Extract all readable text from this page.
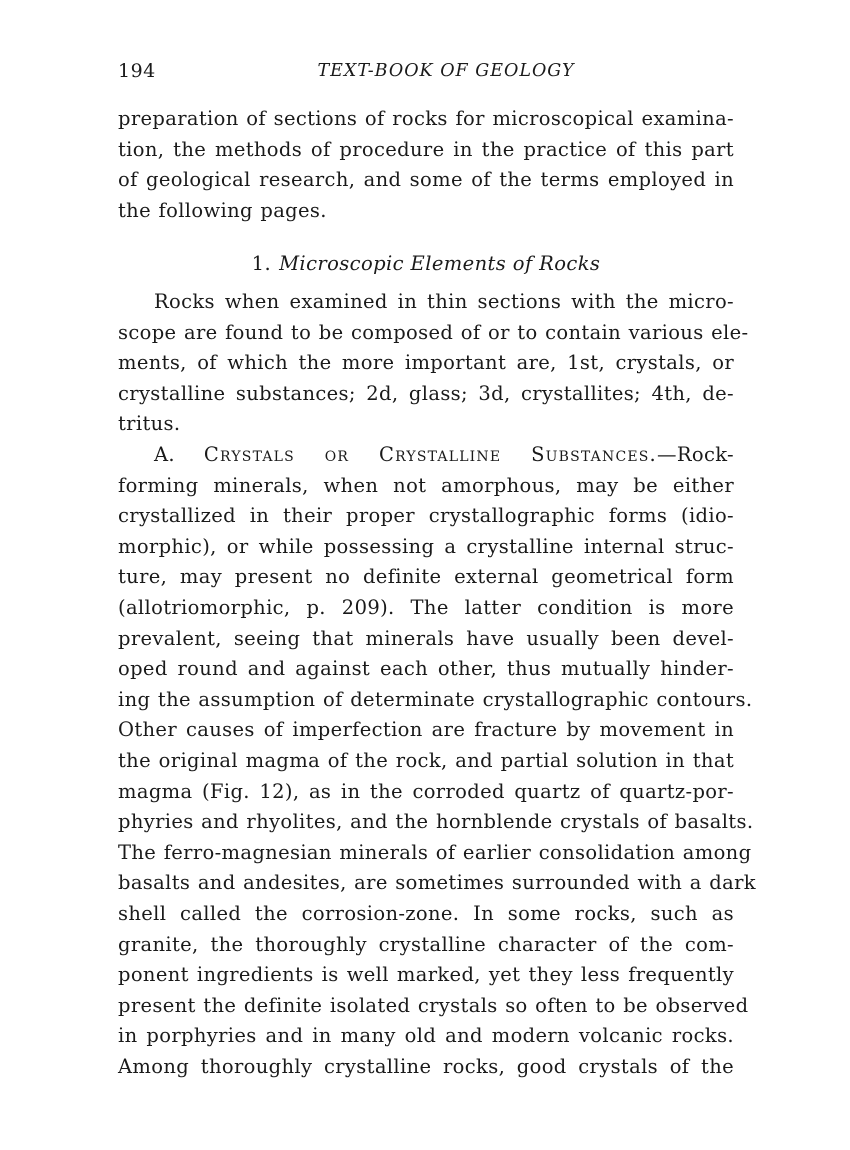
194	TEXT-BOOK OF GEOLOGY
preparation of sections of rocks for microscopical examina-
tion, the methods of procedure in the practice of this part
of geological research, and some of the terms employed in
the following pages.
1. Microscopic Elements of Rocks
Rocks when examined in thin sections with the micro-
scope are found to be composed of or to contain various ele-
ments, of which the more important are, 1st, crystals, or
crystalline substances; 2d, glass; 3d, crystallites; 4th, de-
tritus.
A. Crystals or Crystalline Substances.—Rock-
forming minerals, when not amorphous, may be either
crystallized in their proper crystallographic forms (idio-
morphic), or while possessing a crystalline internal struc-
ture, may present no definite external geometrical form
(allotriomorphic, p. 209). The latter condition is more
prevalent, seeing that minerals have usually been devel-
oped round and against each other, thus mutually hinder-
ing the assumption of determinate crystallographic contours.
Other causes of imperfection are fracture by movement in
the original magma of the rock, and partial solution in that
magma (Fig. 12), as in the corroded quartz of quartz-por-
phyries and rhyolites, and the hornblende crystals of basalts.
The ferro-magnesian minerals of earlier consolidation among
basalts and andesites, are sometimes surrounded with a dark
shell called the corrosion-zone. In some rocks, such as
granite, the thoroughly crystalline character of the com-
ponent ingredients is well marked, yet they less frequently
present the definite isolated crystals so often to be observed
in porphyries and in many old and modern volcanic rocks.
Among thoroughly crystalline rocks, good crystals of the
